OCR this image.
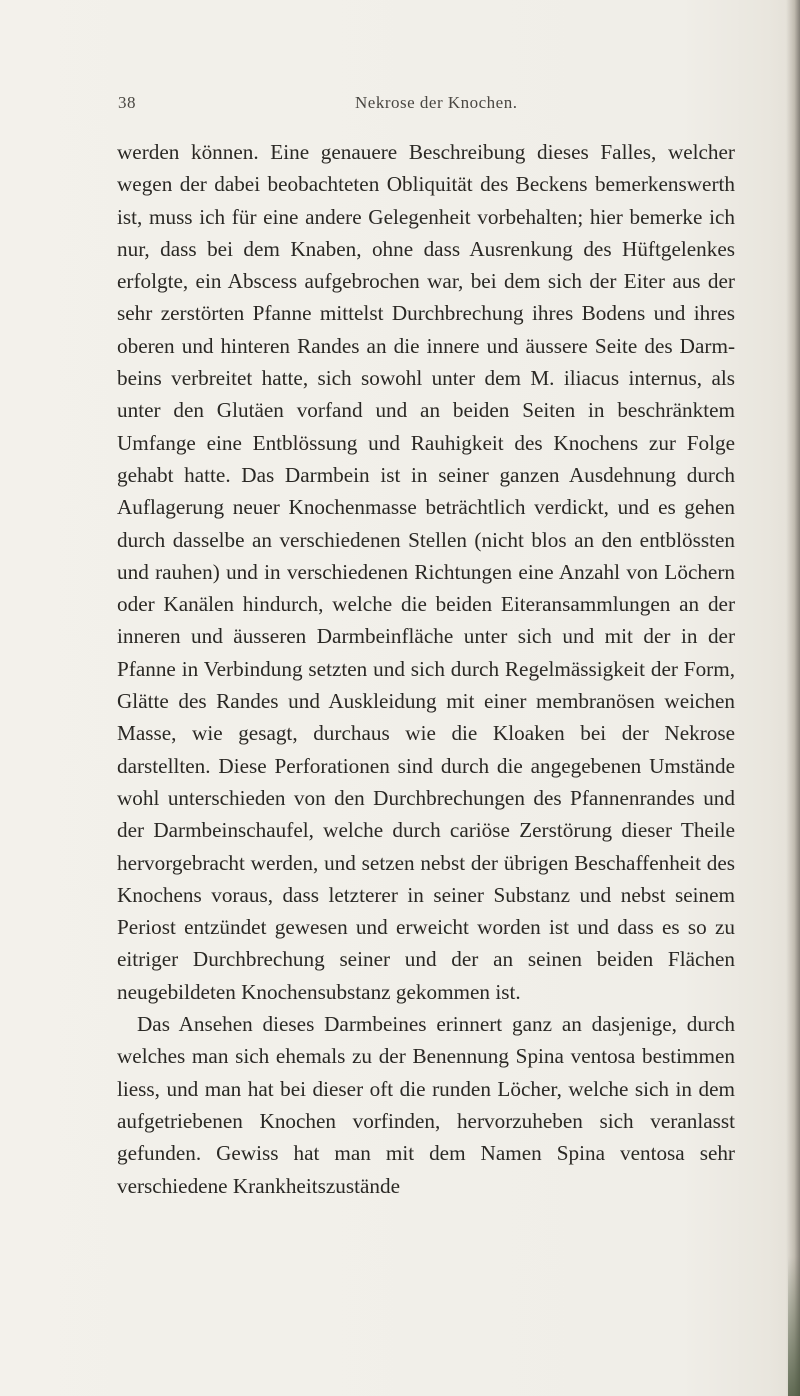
38	Nekrose der Knochen.

werden können. Eine genauere Beschreibung dieses Falles, welcher wegen der dabei beobachteten Obliquität des Beckens bemerkenswerth ist, muss ich für eine andere Gelegenheit vorbehalten; hier bemerke ich nur, dass bei dem Knaben, ohne dass Ausrenkung des Hüftgelenkes erfolgte, ein Abscess aufgebrochen war, bei dem sich der Eiter aus der sehr zerstörten Pfanne mittelst Durchbrechung ihres Bodens und ihres oberen und hinteren Randes an die innere und äussere Seite des Darmbeins verbreitet hatte, sich sowohl unter dem M. iliacus internus, als unter den Glutäen vorfand und an beiden Seiten in beschränktem Umfange eine Entblössung und Rauhigkeit des Knochens zur Folge gehabt hatte. Das Darmbein ist in seiner ganzen Ausdehnung durch Auflagerung neuer Knochenmasse beträchtlich verdickt, und es gehen durch dasselbe an verschiedenen Stellen (nicht blos an den entblössten und rauhen) und in verschiedenen Richtungen eine Anzahl von Löchern oder Kanälen hindurch, welche die beiden Eiteransammlungen an der inneren und äusseren Darmbeinfläche unter sich und mit der in der Pfanne in Verbindung setzten und sich durch Regelmässigkeit der Form, Glätte des Randes und Auskleidung mit einer membranösen weichen Masse, wie gesagt, durchaus wie die Kloaken bei der Nekrose darstellten. Diese Perforationen sind durch die angegebenen Umstände wohl unterschieden von den Durchbrechungen des Pfannenrandes und der Darmbeinschaufel, welche durch cariöse Zerstörung dieser Theile hervorgebracht werden, und setzen nebst der übrigen Beschaffenheit des Knochens voraus, dass letzterer in seiner Substanz und nebst seinem Periost entzündet gewesen und erweicht worden ist und dass es so zu eitriger Durchbrechung seiner und der an seinen beiden Flächen neugebildeten Knochensubstanz gekommen ist.

Das Ansehen dieses Darmbeines erinnert ganz an dasjenige, durch welches man sich ehemals zu der Benennung Spina ventosa bestimmen liess, und man hat bei dieser oft die runden Löcher, welche sich in dem aufgetriebenen Knochen vorfinden, hervorzuheben sich veranlasst gefunden. Gewiss hat man mit dem Namen Spina ventosa sehr verschiedene Krankheitszustände
